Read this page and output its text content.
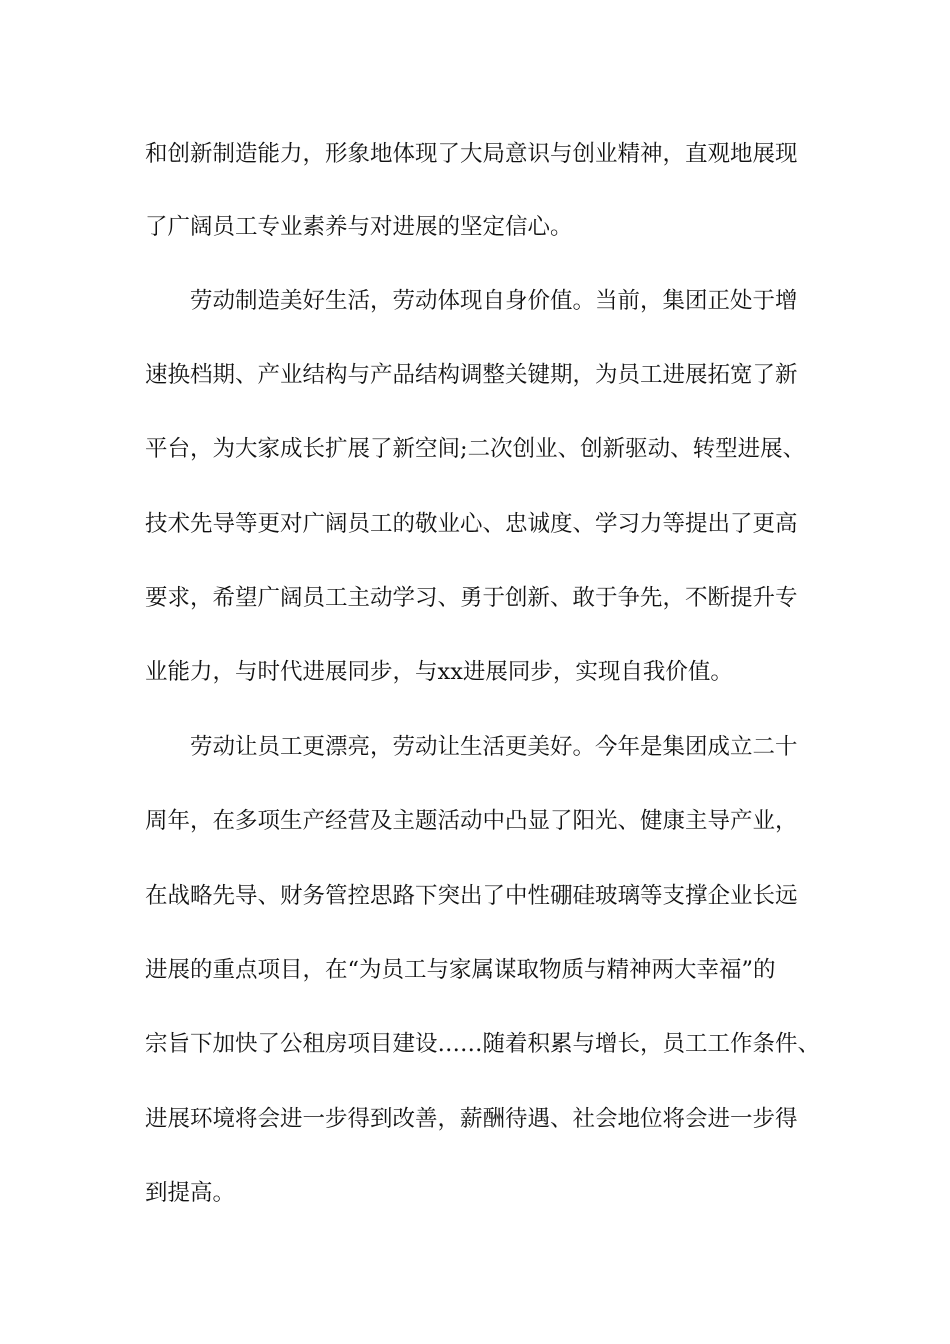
和创新制造能力，形象地体现了大局意识与创业精神，直观地展现
了广阔员工专业素养与对进展的坚定信心。
劳动制造美好生活，劳动体现自身价值。当前，集团正处于增
速换档期、产业结构与产品结构调整关键期，为员工进展拓宽了新
平台，为大家成长扩展了新空间;二次创业、创新驱动、转型进展、
技术先导等更对广阔员工的敬业心、忠诚度、学习力等提出了更高
要求，希望广阔员工主动学习、勇于创新、敢于争先，不断提升专
业能力，与时代进展同步，与xx进展同步，实现自我价值。
劳动让员工更漂亮，劳动让生活更美好。今年是集团成立二十
周年，在多项生产经营及主题活动中凸显了阳光、健康主导产业，
在战略先导、财务管控思路下突出了中性硼硅玻璃等支撑企业长远
进展的重点项目，在“为员工与家属谋取物质与精神两大幸福”的
宗旨下加快了公租房项目建设……随着积累与增长，员工工作条件、
进展环境将会进一步得到改善，薪酬待遇、社会地位将会进一步得
到提高。
